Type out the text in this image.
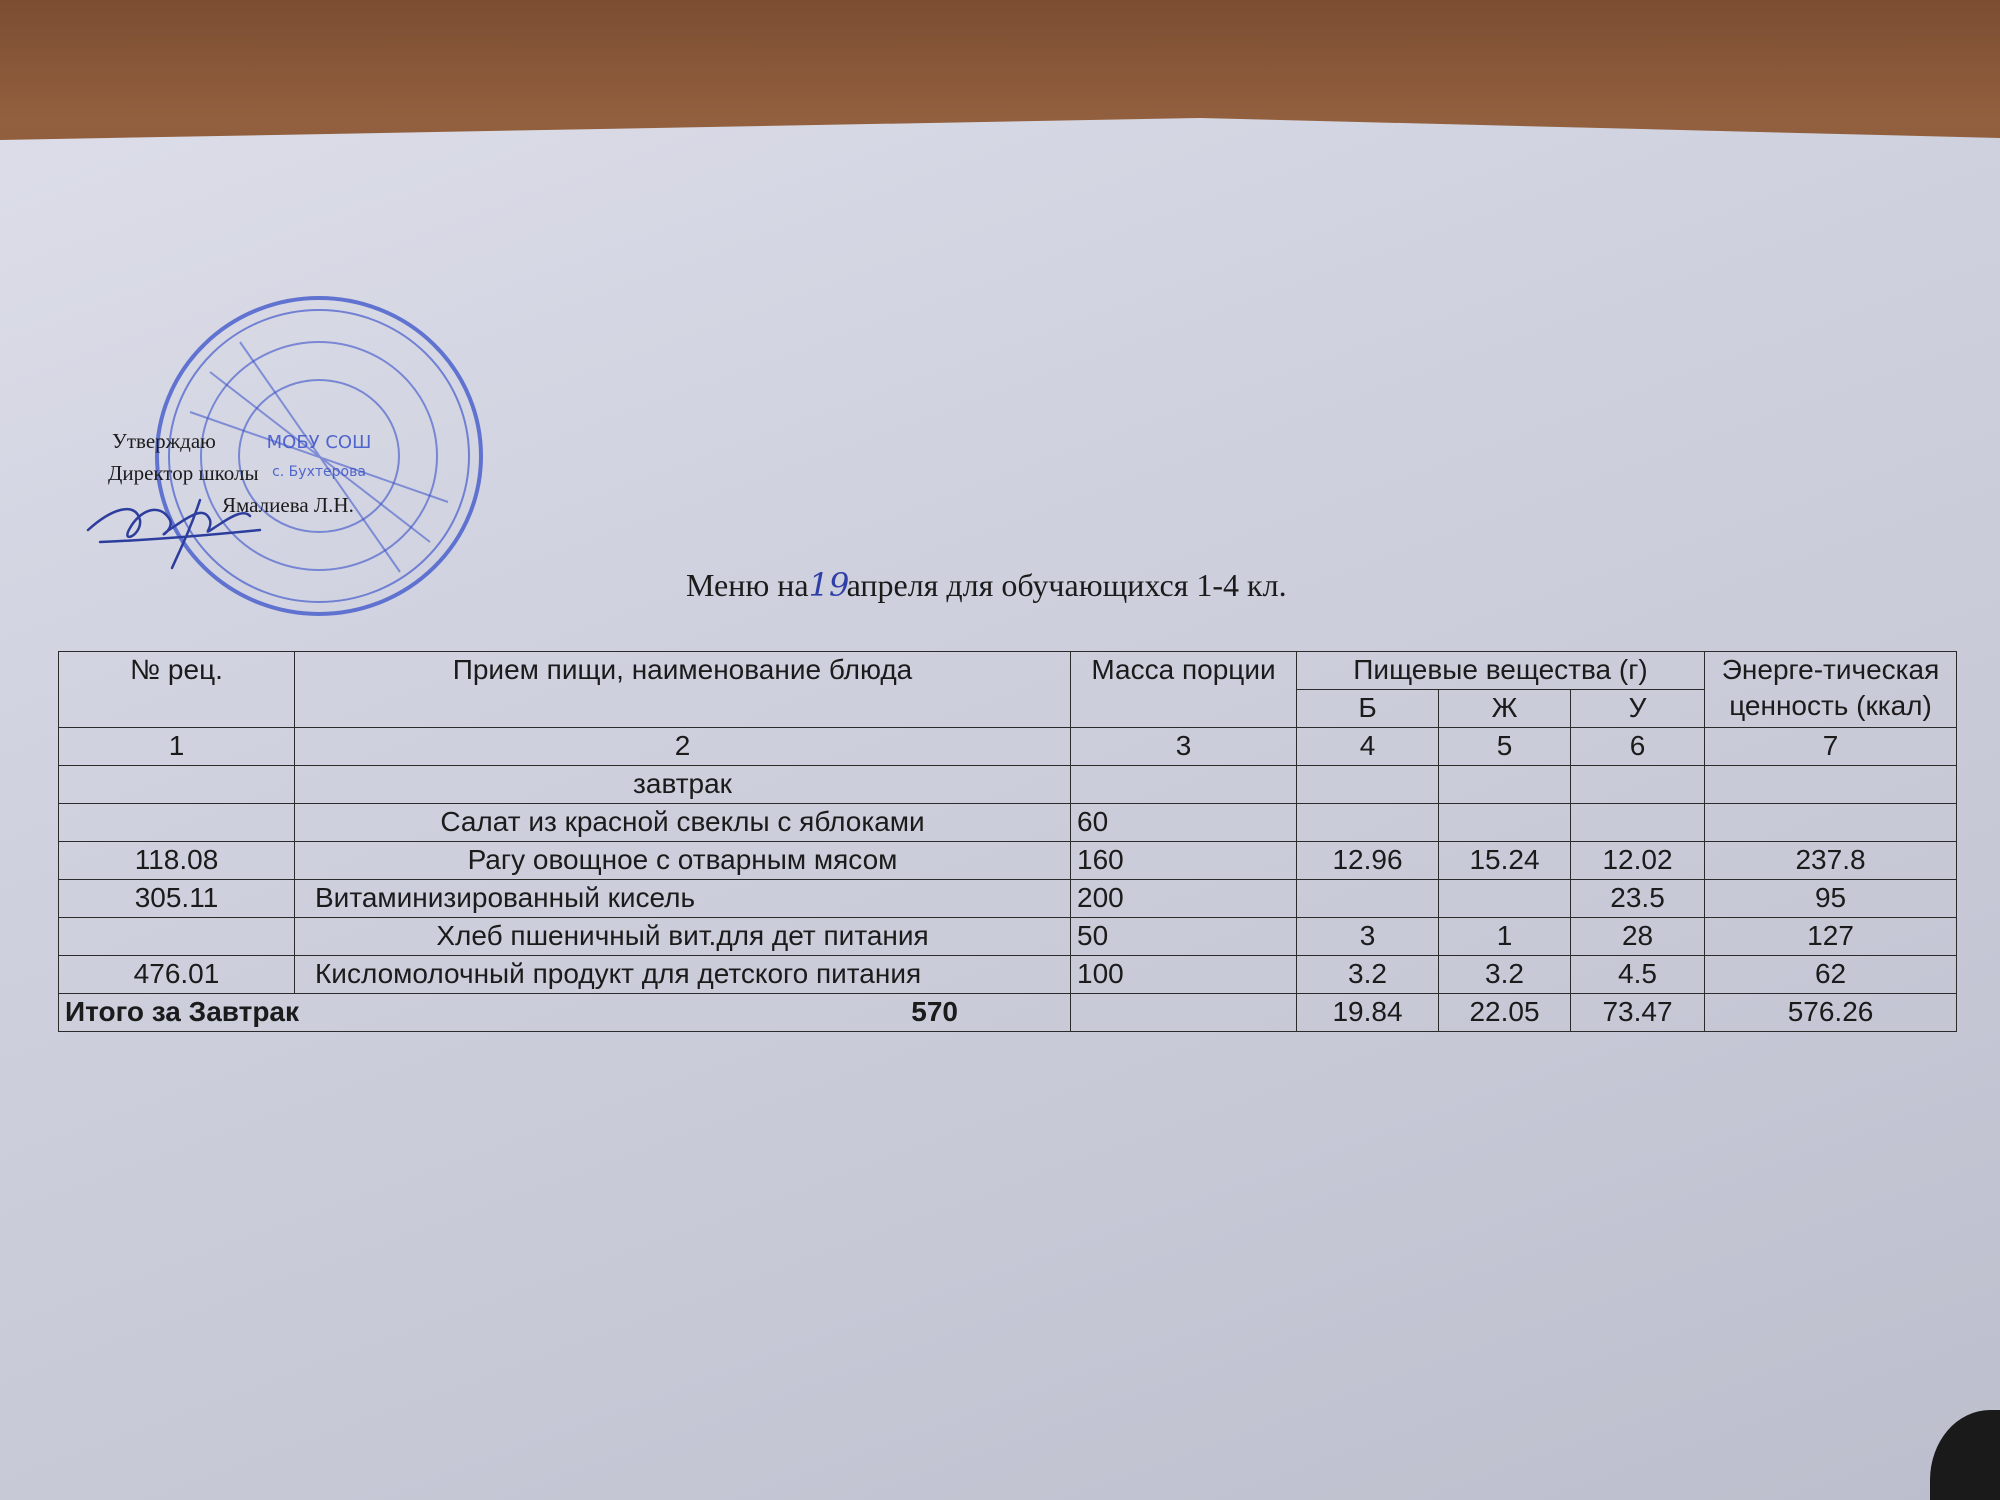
МОБУ СОШ
с. Бухтерова
Утверждаю
Директор школы
Ямалиева Л.Н.
Меню на19апреля для обучающихся 1-4 кл.
№ рец.	Прием пищи, наименование блюда	Масса порции	Пищевые вещества (г)			Энерге-тическая ценность (ккал)
			Б	Ж	У	
1	2	3	4	5	6	7
	завтрак					
	Салат из красной свеклы с яблоками	60				
118.08	Рагу овощное с отварным мясом	160	12.96	15.24	12.02	237.8
305.11	Витаминизированный кисель	200			23.5	95
	Хлеб пшеничный вит.для дет питания	50	3	1	28	127
476.01	Кисломолочный продукт для детского питания	100	3.2	3.2	4.5	62
Итого за Завтрак 570			19.84	22.05	73.47	576.26
